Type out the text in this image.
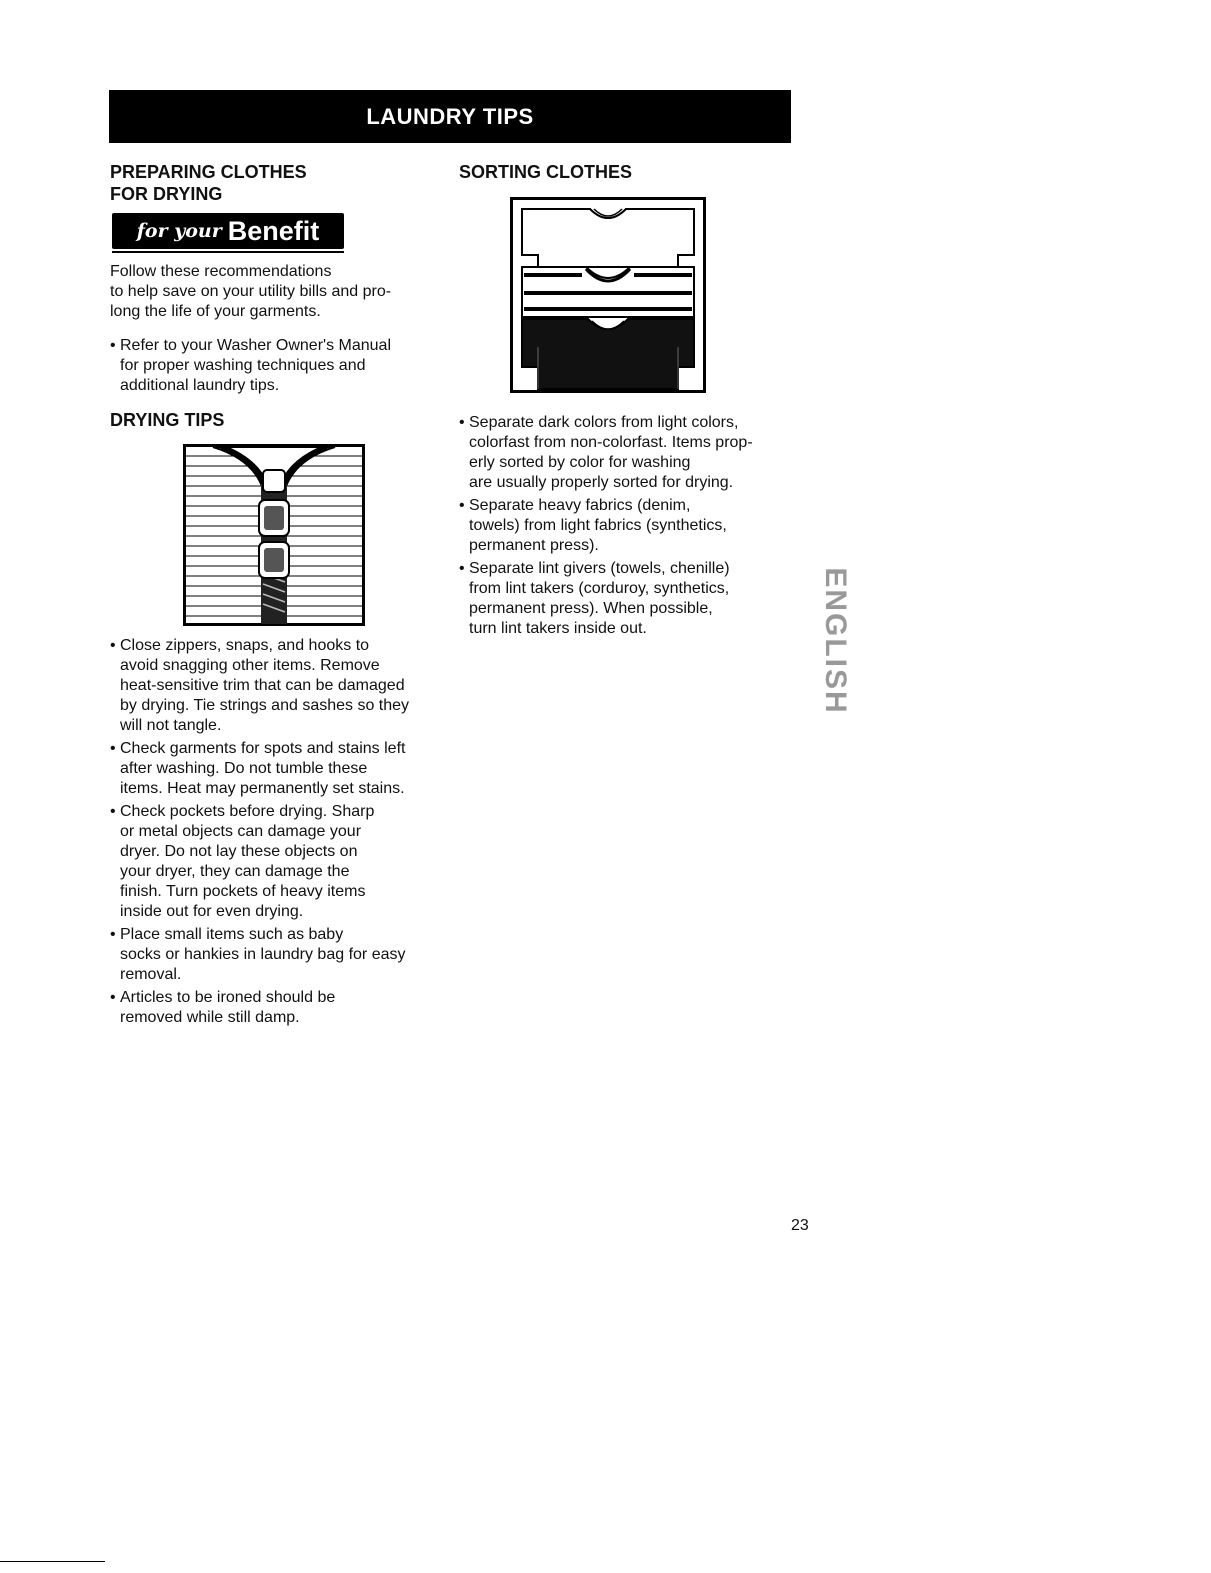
LAUNDRY TIPS
PREPARING CLOTHES
FOR DRYING
for your Benefit

Follow these recommendations
to help save on your utility bills and pro-
long the life of your garments.

• Refer to your Washer Owner's Manual
for proper washing techniques and
additional laundry tips.
DRYING TIPS
• Close zippers, snaps, and hooks to
avoid snagging other items. Remove
heat-sensitive trim that can be damaged
by drying. Tie strings and sashes so they
will not tangle.
• Check garments for spots and stains left
after washing. Do not tumble these
items. Heat may permanently set stains.
• Check pockets before drying. Sharp
or metal objects can damage your
dryer. Do not lay these objects on
your dryer, they can damage the
finish. Turn pockets of heavy items
inside out for even drying.
• Place small items such as baby
socks or hankies in laundry bag for easy
removal.
• Articles to be ironed should be
removed while still damp.
SORTING CLOTHES
• Separate dark colors from light colors,
colorfast from non-colorfast. Items prop-
erly sorted by color for washing
are usually properly sorted for drying.
• Separate heavy fabrics (denim,
towels) from light fabrics (synthetics,
permanent press).
• Separate lint givers (towels, chenille)
from lint takers (corduroy, synthetics,
permanent press). When possible,
turn lint takers inside out.	ENGLISH
23
